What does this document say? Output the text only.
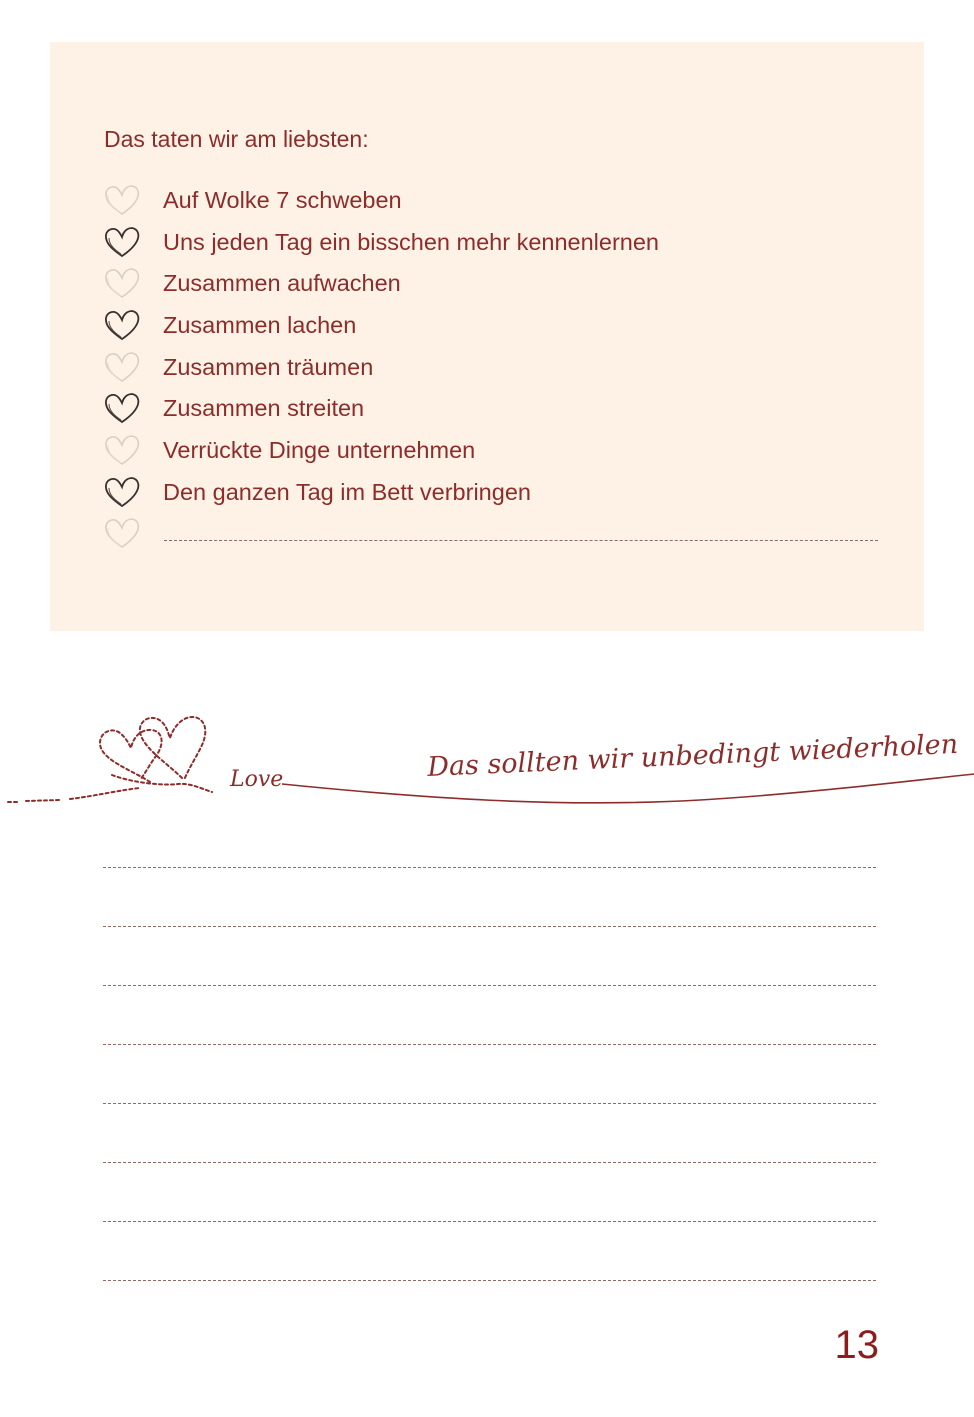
Das taten wir am liebsten:
Auf Wolke 7 schweben
Uns jeden Tag ein bisschen mehr kennenlernen
Zusammen aufwachen
Zusammen lachen
Zusammen träumen
Zusammen streiten
Verrückte Dinge unternehmen
Den ganzen Tag im Bett verbringen
Love	Das sollten wir unbedingt wiederholen
13
